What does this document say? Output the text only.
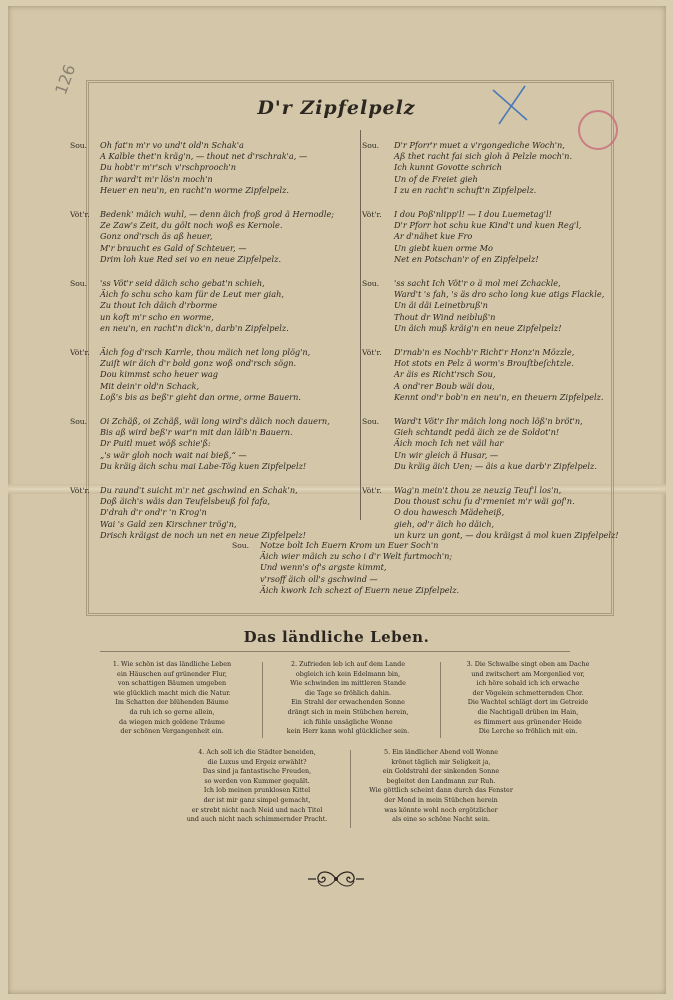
126
D'r Zipfelpelz
Sou. Oh fat'n m'r vo und't old'n Schak'a
A Kalble thet'n kräg'n, — thout net d'rschrak'a, —
Du hobt'r m'r'sch v'rschprooch'n
Ihr ward't m'r lös'n moch'n
Heuer en neu'n, en racht'n worme Zipfelpelz.
Vöt'r. Bedenk' mäich wuhl, — denn äich froß grod ä Hernodle;
Ze Zaw's Zeit, du gölt noch woß es Kernole.
Gonz ond'rsch äs aß heuer,
M'r braucht es Gald of Schteuer, —
Drim loh kue Red sei vo en neue Zipfelpelz.
Sou. 'ss Vöt'r seid däich scho gebat'n schieh,
Äich fo schu scho kam für de Leut mer giah,
Zu thout Ich däich d'rborme
un koft m'r scho en worme,
en neu'n, en racht'n dick'n, darb'n Zipfelpelz.
Vöt'r. Äich fog d'rsch Karrle, thou mäich net long plög'n,
Zuiſt wir äich d'r bold gonz woß ond'rsch sögn.
Dou kimmst scho heuer wag
Mit dein'r old'n Schack,
Loß's bis as beß'r gieht dan orme, orme Bauern.
Sou. Oi Zchäß, oi Zchäß, wäi long wird's däich noch dauern,
Bis aß wird beß'r war'n mit dan läib'n Bauern.
Dr Puitl muet wöß schie'ß:
„'s wär gloh noch wait nai bieß,“ —
Du kräig äich schu mai Labe-Tög kuen Zipfelpelz!
Vöt'r. Du raund't suicht m'r net gschwind en Schak'n,
Doß äich's wäis dan Teufelsbeuß fol fafa,
D'drah d'r ond'r 'n Krog'n
Wai 's Gald zen Kirschner trög'n,
Drisch kräigst de noch un net en neue Zipfelpelz!
Sou. D'r Pforr'r muet a v'rgongediche Woch'n,
Aß thet racht fai sich gloh ä Pelzle moch'n.
Ich kunnt Govotte schrich
Un of de Freiet gieh
I zu en racht'n schuft'n Zipfelpelz.
Vöt'r. I dou Poß'nlipp'l! — I dou Luemetag'l!
D'r Pforr hot schu kue Kind't und kuen Reg'l,
Ar d'nähet kue Fro
Un giebt kuen orme Mo
Net en Potschan'r of en Zipfelpelz!
Sou. 'ss sacht Ich Vöt'r o ä mol mei Zchackle,
Ward't 's fah, 's äs dro scho long kue atigs Flackle,
Un äi däi Leinetbruß'n
Thout dr Wind neibluß'n
Un äich muß kräig'n en neue Zipfelpelz!
Vöt'r. D'rnab'n es Nochb'r Richt'r Honz'n Mözzle,
Hot stots en Pelz ä worm's Brouſtbeſchtzle.
Ar äis es Richt'rsch Sou,
A ond'rer Boub wäi dou,
Kennt ond'r bob'n en neu'n, en theuern Zipfelpelz.
Sou. Ward't Vöt'r Ihr mäich long noch löß'n bröt'n,
Gieh schtandt pedä äich ze de Soldot'n!
Äich moch Ich net väil har
Un wir gleich ä Husar, —
Du kräig äich Uen; — äis a kue darb'r Zipfelpelz.
Vöt'r. Wag'n mein't thou ze neuzig Teuf'l los'n,
Dou thoust schu ſu d'rmeniet m'r wäi goſ'n.
O dou hawesch Mädeheiß,
gieh, od'r äich ho däich,
un kurz un gont, — dou kräigst ä mol kuen Zipfelpelz!
Sou. Notze bolt Ich Euern Krom un Euer Soch'n
Äich wier mäich zu scho i d'r Welt furtmoch'n;
Und wenn's of's argste kimmt,
v'rsoff äich oll's gschwind —
Äich kwork Ich schezt of Euern neue Zipfelpelz.
Das ländliche Leben.
1. Wie schön ist das ländliche Leben
ein Häuschen auf grünender Flur,
von schattigen Bäumen umgeben
wie glücklich macht mich die Natur.
Im Schatten der blühenden Bäume
da ruh ich so gerne allein,
da wiegen mich goldene Träume
der schönen Vergangenheit ein.
2. Zufrieden leb ich auf dem Lande
obgleich ich kein Edelmann bin,
Wie schwinden im mittleren Stande
die Tage so fröhlich dahin.
Ein Strahl der erwachenden Sonne
drängt sich in mein Stübchen herein,
ich fühle unsägliche Wonne
kein Herr kann wohl glücklicher sein.
3. Die Schwalbe singt oben am Dache
und zwitschert am Morgenlied vor,
ich höre sobald ich ich erwache
der Vögelein schmetternden Chor.
Die Wachtel schlägt dort im Getreide
die Nachtigall drüben im Hain,
es flimmert aus grünender Heide
Die Lerche so fröhlich mit ein.
4. Ach soll ich die Städter beneiden,
die Luxus und Ergeiz erwählt?
Das sind ja fantastische Freuden,
so werden von Kummer gequält.
Ich lob meinen prunklosen Kittel
der ist mir ganz simpel gemacht,
er strebt nicht nach Neid und nach Titel
und auch nicht nach schimmernder Pracht.
5. Ein ländlicher Abend voll Wonne
krönet täglich mir Seligkeit ja,
ein Goldstrahl der sinkenden Sonne
begleitet den Landmann zur Ruh.
Wie göttlich scheint dann durch das Fenster
der Mond in mein Stübchen herein
was könnte wohl noch ergötzlicher
als eine so schöne Nacht sein.
